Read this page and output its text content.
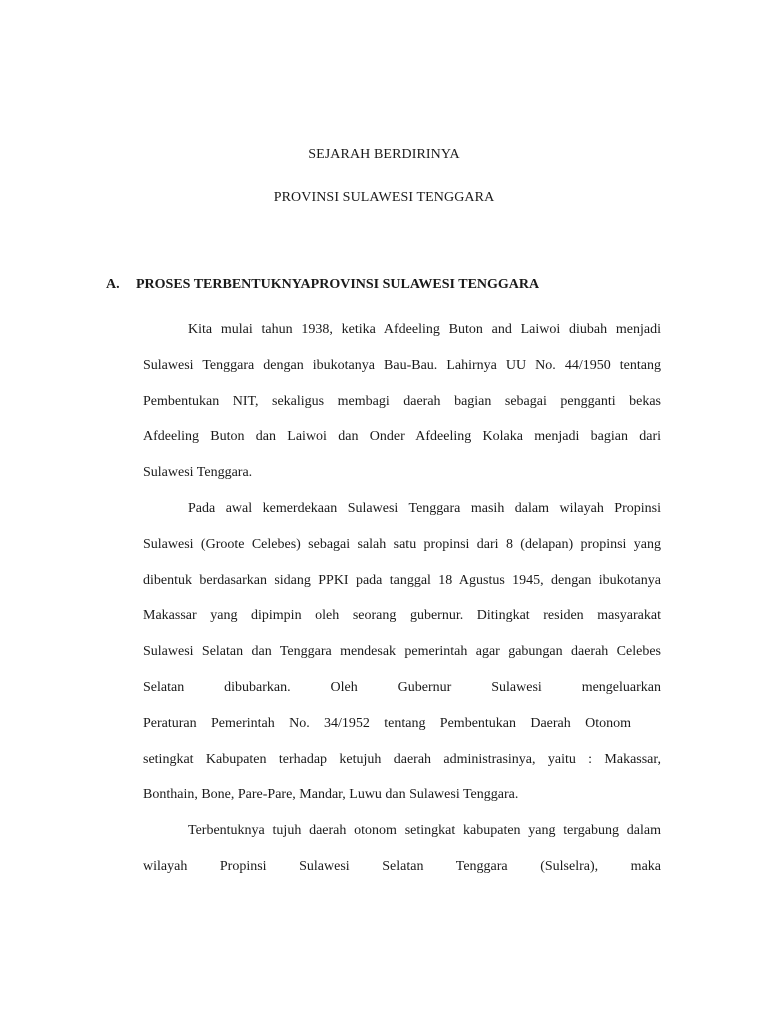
SEJARAH BERDIRINYA
PROVINSI SULAWESI TENGGARA
A. PROSES TERBENTUKNYAPROVINSI SULAWESI TENGGARA
Kita mulai tahun 1938, ketika Afdeeling Buton and Laiwoi diubah menjadi
Sulawesi Tenggara dengan ibukotanya Bau-Bau. Lahirnya UU No. 44/1950 tentang
Pembentukan NIT, sekaligus membagi daerah bagian sebagai pengganti bekas
Afdeeling Buton dan Laiwoi dan Onder Afdeeling Kolaka menjadi bagian dari
Sulawesi Tenggara.
Pada awal kemerdekaan Sulawesi Tenggara masih dalam wilayah Propinsi
Sulawesi (Groote Celebes) sebagai salah satu propinsi dari 8 (delapan) propinsi yang
dibentuk berdasarkan sidang PPKI pada tanggal 18 Agustus 1945, dengan ibukotanya
Makassar yang dipimpin oleh seorang gubernur. Ditingkat residen masyarakat
Sulawesi Selatan dan Tenggara mendesak pemerintah agar gabungan daerah Celebes
Selatan dibubarkan. Oleh Gubernur Sulawesi mengeluarkan
Peraturan Pemerintah No. 34/1952 tentang Pembentukan Daerah Otonom
setingkat Kabupaten terhadap ketujuh daerah administrasinya, yaitu : Makassar,
Bonthain, Bone, Pare-Pare, Mandar, Luwu dan Sulawesi Tenggara.
Terbentuknya tujuh daerah otonom setingkat kabupaten yang tergabung dalam
wilayah Propinsi Sulawesi Selatan Tenggara (Sulselra), maka
